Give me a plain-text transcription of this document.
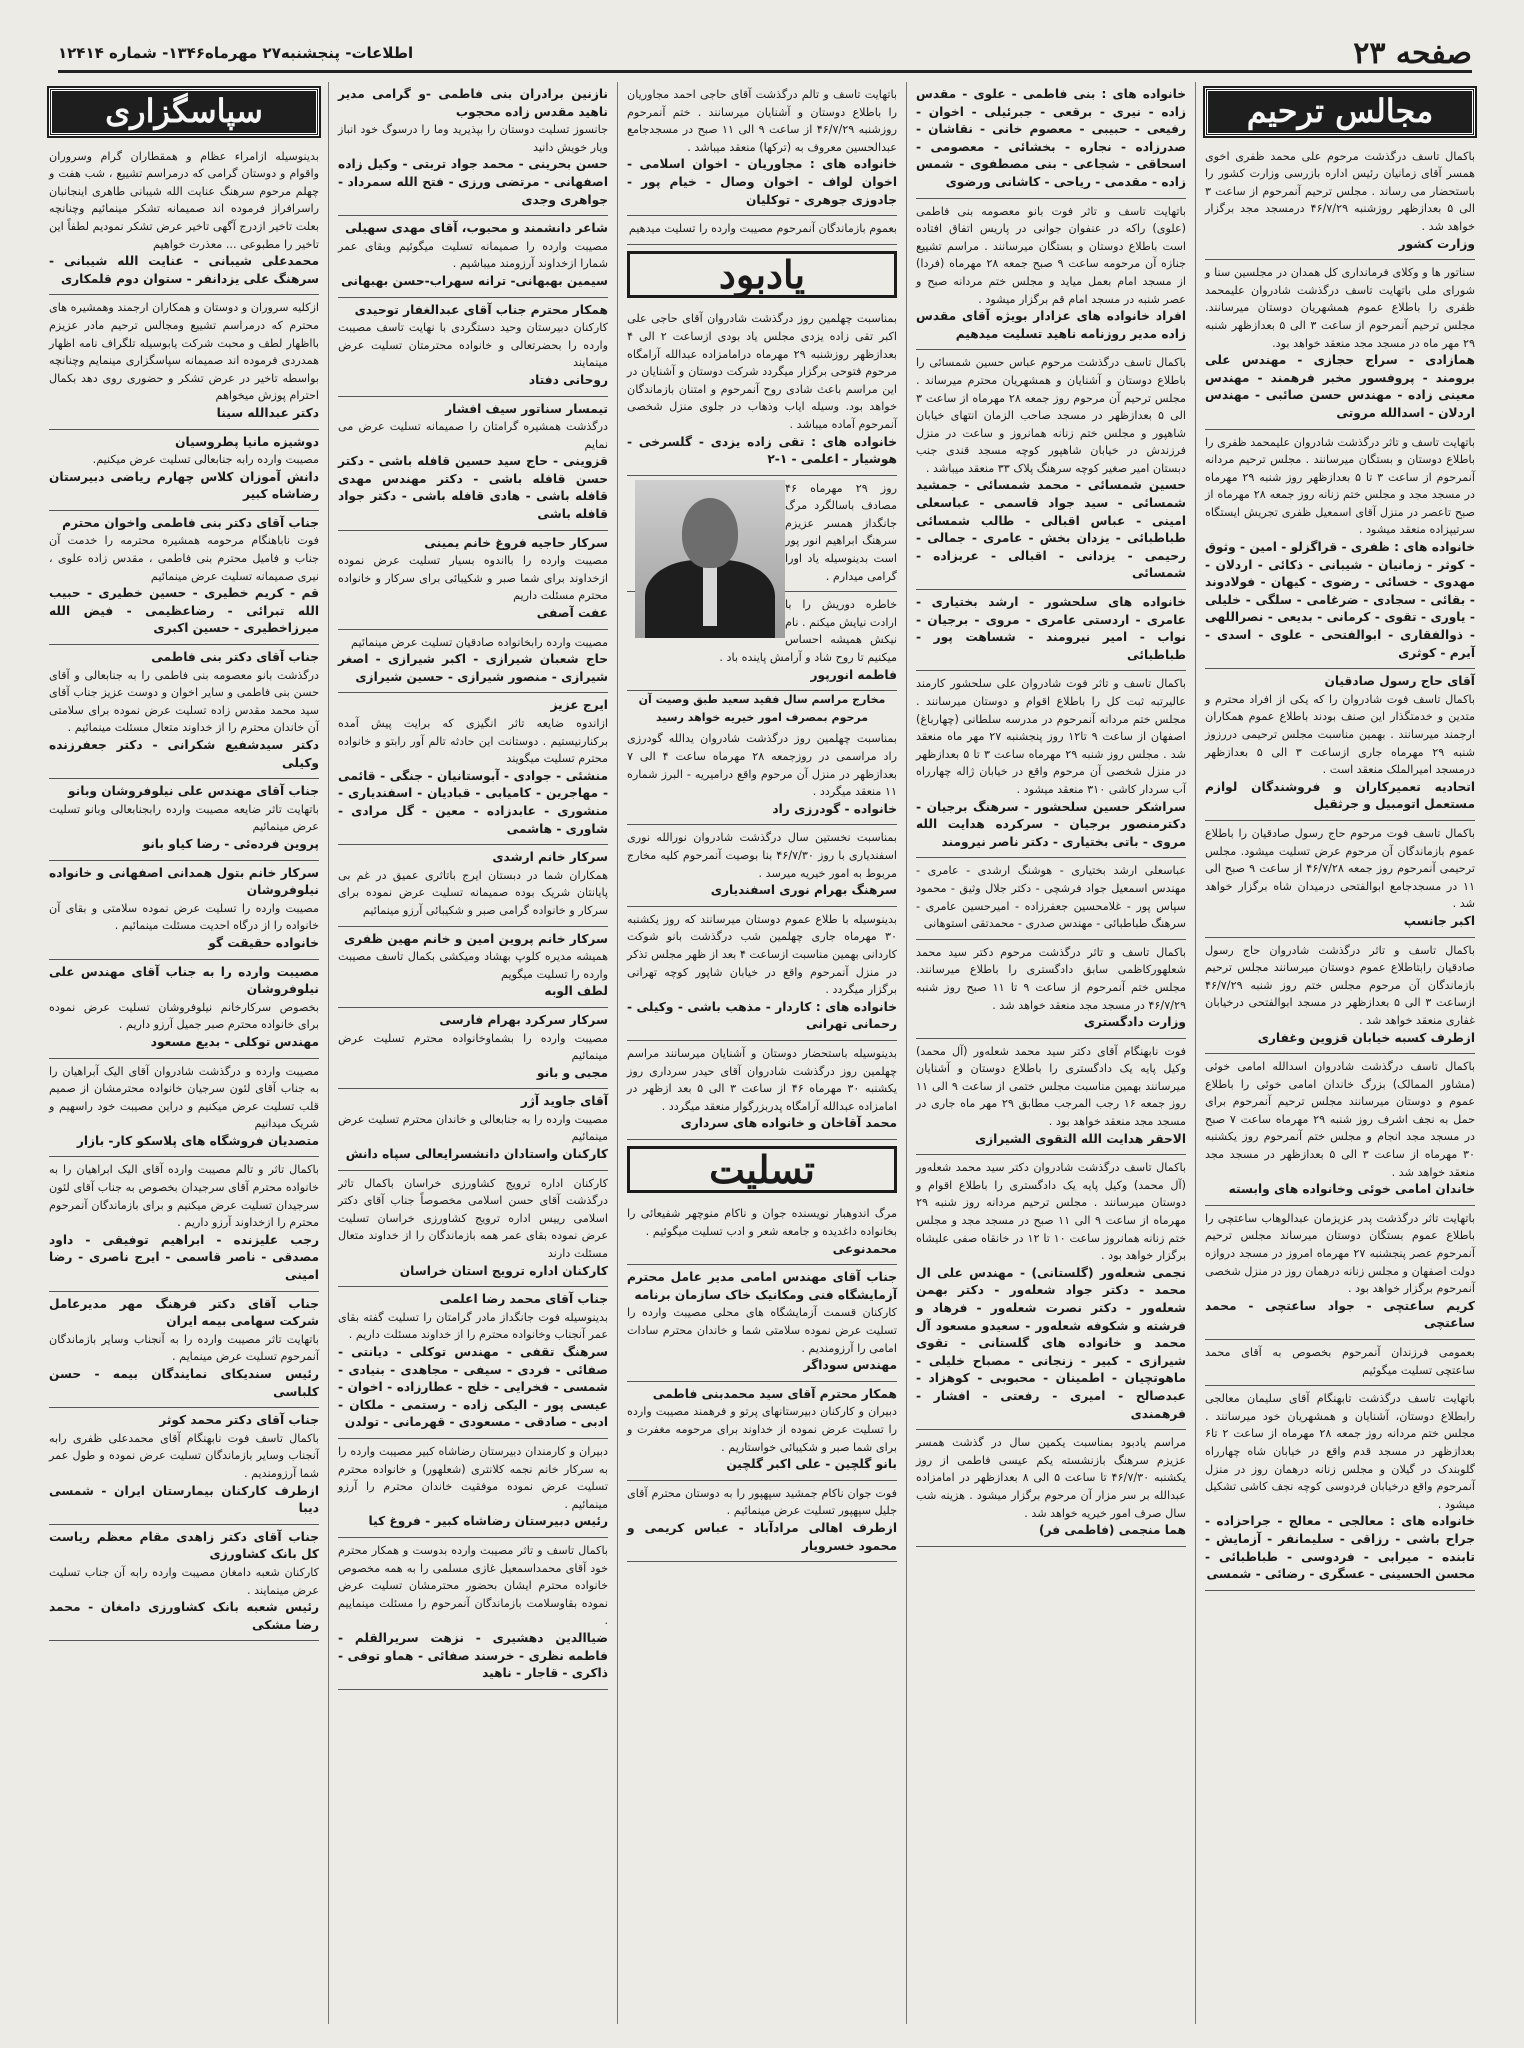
صفحه ۲۳
اطلاعات- پنجشنبه۲۷ مهرماه۱۳۴۶- شماره ۱۲۴۱۴
مجالس ترحیم
باکمال تاسف درگذشت مرحوم علی محمد ظفری اخوی همسر آقای زمانیان رئیس اداره بازرسی وزارت کشور را باستحضار می رساند . مجلس ترحیم آنمرحوم از ساعت ۳ الی ۵ بعدازظهر روزشنبه ۴۶/۷/۲۹ درمسجد مجد برگزار خواهد شد .
وزارت کشور
سناتور ها و وکلای فرمانداری کل همدان در مجلسین سنا و شورای ملی باتهایت تاسف درگذشت شادروان علیمحمد ظفری را باطلاع عموم همشهریان دوستان میرسانند. مجلس ترحیم آنمرحوم از ساعت ۳ الی ۵ بعدازظهر شنبه ۲۹ مهر ماه در مسجد مجد منعقد خواهد بود.
همازادی - سراج حجازی - مهندس علی برومند - پروفسور مخبر فرهمند - مهندس معینی زاده - مهندس حسن صائبی - مهندس اردلان - اسدالله مروتی
باتهایت تاسف و تاثر درگذشت شادروان علیمحمد ظفری را باطلاع دوستان و بستگان میرسانند . مجلس ترحیم مردانه آنمرحوم از ساعت ۳ تا ۵ بعدازظهر روز شنبه ۲۹ مهرماه در مسجد مجد و مجلس ختم زنانه روز جمعه ۲۸ مهرماه از صبح تاعصر در منزل آقای اسمعیل ظفری تجریش ایستگاه سرتیپزاده منعقد میشود .
خانواده های : ظفری - قراگزلو - امین - وثوق - کوثر - زمانیان - شیبانی - ذکائی - اردلان - مهدوی - خسائی - رضوی - کیهان - فولادوند - بقائی - سجادی - ضرغامی - سلگی - خلیلی - یاوری - تقوی - کرمانی - بدیعی - نصراللهی - ذوالفقاری - ابوالفتحی - علوی - اسدی - آیرم - کوثری
آقای حاج رسول صادقیان
باکمال تاسف فوت شادروان را که یکی از افراد محترم و متدین و خدمتگذار این صنف بودند باطلاع عموم همکاران ارجمند میرسانند . بهمین مناسبت مجلس ترحیمی دررزوز شنبه ۲۹ مهرماه جاری ازساعت ۳ الی ۵ بعدازظهر درمسجد امیرالملک منعقد است .
اتحادیه تعمیرکاران و فروشندگان لوازم مستعمل اتومبیل و جرثقیل
باکمال تاسف فوت مرحوم حاج رسول صادقیان را باطلاع عموم بازماندگان آن مرحوم عرض تسلیت میشود. مجلس ترحیمی آنمرحوم روز جمعه ۴۶/۷/۲۸ از ساعت ۹ صبح الی ۱۱ در مسجدجامع ابوالفتحی درمیدان شاه برگزار خواهد شد .
اکبر جانسپ
باکمال تاسف و تاثر درگذشت شادروان حاج رسول صادقیان رابتاطلاع عموم دوستان میرسانند مجلس ترحیم بازماندگان آن مرحوم مجلس ختم روز شنبه ۴۶/۷/۲۹ ازساعت ۳ الی ۵ بعدازظهر در مسجد ابوالفتحی درخیابان غفاری منعقد خواهد شد .
ازطرف کسبه خیابان قزوین وغفاری
باکمال تاسف درگذشت شادروان اسدالله امامی خوئی (مشاور الممالک) بزرگ خاندان امامی خوئی را باطلاع عموم و دوستان میرسانند مجلس ترحیم آنمرحوم برای حمل به نجف اشرف روز شنبه ۲۹ مهرماه ساعت ۷ صبح در مسجد مجد انجام و مجلس ختم آنمرحوم روز یکشنبه ۳۰ مهرماه از ساعت ۳ الی ۵ بعدازظهر در مسجد مجد منعقد خواهد شد .
خاندان امامی خوئی وخانواده های وابسته
باتهایت تاثر درگذشت پدر عزیزمان عبدالوهاب ساعتچی را باطلاع عموم بستگان دوستان میرساند مجلس ترحیم آنمرحوم عصر پنجشنبه ۲۷ مهرماه امروز در مسجد دروازه دولت اصفهان و مجلس زنانه درهمان روز در منزل شخصی آنمرحوم برگزار خواهد بود .
کریم ساعتچی - جواد ساعتچی - محمد ساعتچی
بعمومی فرزندان آنمرحوم بخصوص به آقای محمد ساعتچی تسلیت میگوئیم
باتهایت تاسف درگذشت تابهنگام آقای سلیمان معالجی رابطلاع دوستان، آشنایان و همشهریان خود میرسانند . مجلس ختم مردانه روز جمعه ۲۸ مهرماه از ساعت ۲ تا۶ بعدازظهر در مسجد قدم واقع در خیابان شاه چهارراه گلوبندک در گیلان و مجلس زنانه درهمان روز در منزل آنمرحوم واقع درخیابان فردوسی کوچه نجف کاشی تشکیل میشود .
خانواده های : معالجی - معالج - جراحزاده - جراح باشی - رزاقی - سلیمانفر - آزمایش - تابنده - میرابی - فردوسی - طباطبائی - محسن الحسینی - عسگری - رضائی - شمسی
خانواده های : بنی فاطمی - علوی - مقدس زاده - نیری - برقعی - جبرئیلی - اخوان - رفیعی - حبیبی - معصوم خانی - نقاشان - صدرزاده - نجاره - بخشائی - معصومی - اسحاقی - شجاعی - بنی مصطفوی - شمس زاده - مقدمی - ریاحی - کاشانی ورضوی
باتهایت تاسف و تاثر فوت بانو معصومه بنی فاطمی (علوی) راکه در عنفوان جوانی در پاریس اتفاق افتاده است باطلاع دوستان و بستگان میرسانند . مراسم تشییع جنازه آن مرحومه ساعت ۹ صبح جمعه ۲۸ مهرماه (فردا) از مسجد امام بعمل میاید و مجلس ختم مردانه صبح و عصر شنبه در مسجد امام قم برگزار میشود .
افراد خانواده های عزادار بویژه آقای مقدس زاده مدیر روزنامه ناهید تسلیت میدهیم
باکمال تاسف درگذشت مرحوم عباس حسین شمسائی را باطلاع دوستان و آشنایان و همشهریان محترم میرساند . مجلس ترحیم آن مرحوم روز جمعه ۲۸ مهرماه از ساعت ۳ الی ۵ بعدازظهر در مسجد صاحب الزمان انتهای خیابان شاهپور و مجلس ختم زنانه همانروز و ساعت در منزل فرزندش در خیابان شاهپور کوچه مسجد قندی جنب دبستان امیر صغیر کوچه سرهنگ پلاک ۳۳ منعقد میباشد .
حسین شمسائی - محمد شمسائی - جمشید شمسائی - سید جواد قاسمی - عباسعلی امینی - عباس اقبالی - طالب شمسائی طباطبائی - یزدان بخش - عامری - جمالی - رحیمی - یزدانی - اقبالی - عربزاده - شمسائی
خانواده های سلحشور - ارشد بختیاری - عامری - اردستی عامری - مروی - برجیان - نواب - امیر نیرومند - شساهت پور - طباطبائی
باکمال تاسف و تاثر فوت شادروان علی سلحشور کارمند عالیرتبه ثبت کل را باطلاع اقوام و دوستان میرسانند . مجلس ختم مردانه آنمرحوم در مدرسه سلطانی (چهارباغ) اصفهان از ساعت ۹ تا۱۲ روز پنجشنبه ۲۷ مهر ماه منعقد شد . مجلس روز شنبه ۲۹ مهرماه ساعت ۳ تا ۵ بعدازظهر در منزل شخصی آن مرحوم واقع در خیابان ژاله چهارراه آب سردار کاشی ۳۱۰ منعقد میشود .
سراشکر حسین سلحشور - سرهنگ برجیان - دکترمنصور برجیان - سرکرده هدایت الله مروی - باتی بختیاری - دکتر ناصر نیرومند
عباسعلی ارشد بختیاری - هوشنگ ارشدی - عامری - مهندس اسمعیل جواد فرشچی - دکتر جلال وثیق - محمود سپاس پور - غلامحسین جعفرزاده - امیرحسین عامری - سرهنگ طباطبائی - مهندس صدری - محمدتقی استوهانی
باکمال تاسف و تاثر درگذشت مرحوم دکتر سید محمد شعلهوركاظمی سابق دادگستری را باطلاع میرسانند. مجلس ختم آنمرحوم از ساعت ۹ تا ۱۱ صبح روز شنبه ۴۶/۷/۲۹ در مسجد مجد منعقد خواهد شد .
وزارت دادگستری
فوت نابهنگام آقای دکتر سید محمد شعله‌ور (آل محمد) وکیل پایه یک دادگستری را باطلاع دوستان و آشنایان میرسانند بهمین مناسبت مجلس ختمی از ساعت ۹ الی ۱۱ روز جمعه ۱۶ رجب المرجب مطابق ۲۹ مهر ماه جاری در مسجد مجد منعقد خواهد بود .
الاحقر هدایت الله التقوی الشیرازی
باکمال تاسف درگذشت شادروان دکتر سید محمد شعله‌ور (آل محمد) وکیل پایه یک دادگستری را باطلاع اقوام و دوستان میرسانند . مجلس ترحیم مردانه روز شنبه ۲۹ مهرماه از ساعت ۹ الی ۱۱ صبح در مسجد مجد و مجلس ختم زنانه همانروز ساعت ۱۰ تا ۱۲ در خانقاه صفی علیشاه برگزار خواهد بود .
نجمی شعله‌ور (گلستانی) - مهندس علی ال محمد - دکتر جواد شعله‌ور - دکتر بهمن شعله‌ور - دکتر نصرت شعله‌ور - فرهاد و فرشته و شکوفه شعله‌ور - سعیدو مسعود آل محمد و خانواده های گلستانی - تقوی شیرازی - کبیر - زنجانی - مصباح خلیلی - ماهوتچیان - اطمینان - محبوبی - کوهزاد - عبدصالح - امیری - رفعتی - افشار - فرهمندی
مراسم یادبود بمناسبت یکمین سال در گذشت همسر عزیزم سرهنگ بازنشسته یکم عیسی فاطمی از روز یکشنبه ۴۶/۷/۳۰ تا ساعت ۵ الی ۸ بعدازظهر در امامزاده عبدالله بر سر مزار آن مرحوم برگزار میشود . هزینه شب سال صرف امور خیریه خواهد شد .
هما منجمی (فاطمی فر)
باتهایت تاسف و تالم درگذشت آقای حاجی احمد مجاوریان را باطلاع دوستان و آشنایان میرسانند . ختم آنمرحوم روزشنبه ۴۶/۷/۲۹ از ساعت ۹ الی ۱۱ صبح در مسجدجامع عبدالحسین معروف به (ترکها) منعقد میباشد .
خانواده های : مجاوریان - اخوان اسلامی - اخوان لواف - اخوان وصال - خیام پور - جادوزی جوهری - توکلیان
بعموم بازماندگان آنمرحوم مصیبت وارده را تسلیت میدهیم
یادبود
بمناسبت چهلمین روز درگذشت شادروان آقای حاجی علی اکبر تقی زاده یزدی مجلس یاد بودی ازساعت ۲ الی ۴ بعدازظهر روزشنبه ۲۹ مهرماه درامامزاده عبدالله آرامگاه مرحوم فتوحی برگزار میگردد شرکت دوستان و آشنایان در این مراسم باعث شادی روح آنمرحوم و امتنان بازماندگان خواهد بود. وسیله ایاب وذهاب در جلوی منزل شخصی آنمرحوم آماده میباشد .
خانواده های : تقی زاده یزدی - گلسرخی - هوشیار - اعلمی - ۱-۲
روز ۲۹ مهرماه ۴۶ مصادف باسالگرد مرگ جانگداز همسر عزیزم سرهنگ ابراهیم انور پور است بدینوسیله یاد اورا گرامی میدارم .
خاطره دوریش را با ارادت نیایش میکنم . نام نیکش همیشه احساس میکنیم تا روح شاد و آرامش پاینده باد .
فاطمه انورپور
مخارج مراسم سال فقید سعید طبق وصیت آن مرحوم بمصرف امور خیریه خواهد رسید
بمناسبت چهلمین روز درگذشت شادروان یدالله گودرزی راد مراسمی در روزجمعه ۲۸ مهرماه ساعت ۴ الی ۷ بعدازظهر در منزل آن مرحوم واقع درامیریه - البرز شماره ۱۱ منعقد میگردد .
خانواده - گودرزی راد
بمناسبت نخستین سال درگذشت شادروان نورالله نوری اسفندیاری با روز ۴۶/۷/۳۰ بنا بوصیت آنمرحوم کلیه مخارج مربوط به امور خیریه میرسد .
سرهنگ بهرام نوری اسفندیاری
بدینوسیله با طلاع عموم دوستان میرسانند که روز یکشنبه ۳۰ مهرماه جاری چهلمین شب درگذشت بانو شوکت کاردانی بهمین مناسبت ازساعت ۴ بعد از ظهر مجلس تذکر در منزل آنمرحوم واقع در خیابان شاپور کوچه تهرانی برگزار میگردد .
خانواده های : کاردار - مذهب باشی - وکیلی - رحمانی تهرانی
بدینوسیله باستحضار دوستان و آشنایان میرسانند مراسم چهلمین روز درگذشت شادروان آقای حیدر سرداری روز یکشنبه ۳۰ مهرماه ۴۶ از ساعت ۳ الی ۵ بعد ازظهر در امامزاده عبدالله آرامگاه پدربزرگوار منعقد میگردد .
محمد آقاخان و خانواده های سرداری
تسلیت
مرگ اندوهبار نویسنده جوان و ناکام منوچهر شفیعائی را بخانواده داغدیده و جامعه شعر و ادب تسلیت میگوئیم .
محمدنوعی
جناب آقای مهندس امامی مدیر عامل محترم آزمایشگاه فنی ومکانیک خاک سازمان برنامه
کارکنان قسمت آزمایشگاه های محلی مصیبت وارده را تسلیت عرض نموده سلامتی شما و خاندان محترم سادات امامی را آرزومندیم .
مهندس سوداگر
همکار محترم آقای سید محمدبنی فاطمی
دبیران و کارکنان دبیرستانهای پرتو و فرهمند مصیبت وارده را تسلیت عرض نموده از خداوند برای مرحومه مغفرت و برای شما صبر و شکیبائی خواستاریم .
بانو گلچین - علی اکبر گلچین
فوت جوان ناکام جمشید سپهپور را به دوستان محترم آقای جلیل سپهپور تسلیت عرض مینمائیم .
ازطرف اهالی مرادآباد - عباس کریمی و محمود خسرویار
نازنین برادران بنی فاطمی -و گرامی مدیر ناهید مقدس زاده محجوب
جانسوز تسلیت دوستان را بپذیرید وما را درسوگ خود انباز ویار خویش دانید
حسن بحرینی - محمد جواد تربتی - وکیل زاده اصفهانی - مرتضی ورزی - فتح الله سمرداد - جواهری وجدی
شاعر دانشمند و محبوب، آقای مهدی سهیلی
مصیبت وارده را صمیمانه تسلیت میگوئیم وبقای عمر شمارا ازخداوند آرزومند میباشیم .
سیمین بهبهانی- ترانه سهراب-حسن بهبهانی
همکار محترم جناب آقای عبدالغفار توحیدی
کارکنان دبیرستان وحید دستگردی با نهایت تاسف مصیبت وارده را بحضرتعالی و خانواده محترمتان تسلیت عرض مینمایند
روحانی دفتاد
تیمسار سناتور سیف افشار
درگذشت همشیره گرامتان را صمیمانه تسلیت عرض می نمایم
قزوینی - حاج سید حسین قافله باشی - دکتر حسن قافله باشی - دکتر مهندس مهدی قافله باشی - هادی قافله باشی - دکتر جواد قافله باشی
سرکار حاجیه فروغ خانم یمینی
مصیبت وارده را بااندوه بسیار تسلیت عرض نموده ازخداوند برای شما صبر و شکیبائی برای سرکار و خانواده محترم مسئلت داریم
عفت آصفی
مصیبت وارده رابخانواده صادقیان تسلیت عرض مینمائیم
حاج شعبان شیرازی - اکبر شیرازی - اصغر شیرازی - منصور شیرازی - حسین شیرازی
ایرج عزیز
ازاندوه ضایعه تاثر انگیزی که برایت پیش آمده برکنارنیستیم . دوستانت این حادثه تالم آور رابتو و خانواده محترم تسلیت میگویند
منشئی - جوادی - آبوستانیان - جنگی - قائمی - مهاجرین - کامیابی - قبادیان - اسفندیاری - منشوری - عابدزاده - معین - گل مرادی - شاوری - هاشمی
سرکار خانم ارشدی
همکاران شما در دبستان ایرج باتاثری عمیق در غم بی پایانتان شریک بوده صمیمانه تسلیت عرض نموده برای سرکار و خانواده گرامی صبر و شکیبائی آرزو مینمائیم
سرکار خانم پروین امین و خانم مهین ظفری
همیشه مدیره کلوپ بهشاد ومیکشی بکمال تاسف مصیبت وارده را تسلیت میگویم
لطف الوبه
سرکار سرکرد بهرام فارسی
مصیبت وارده را بشماوخانواده محترم تسلیت عرض مینمائیم
مجبی و بانو
آقای جاوید آژر
مصیبت وارده را به جنابعالی و خاندان محترم تسلیت عرض مینمائیم
کارکنان واستادان دانشسرایعالی سپاه دانش
کارکنان اداره ترویج کشاورزی خراسان باکمال تاثر درگذشت آقای حسن اسلامی مخصوصاً جناب آقای دکتر اسلامی رییس اداره ترویج کشاورزی خراسان تسلیت عرض نموده بقای عمر همه بازماندگان را از خداوند متعال مسئلت دارند
کارکنان اداره ترویج استان خراسان
جناب آقای محمد رضا اعلمی
بدینوسیله فوت جانگداز مادر گرامتان را تسلیت گفته بقای عمر آنجناب وخانواده محترم را از خداوند مسئلت داریم .
سرهنگ تقفی - مهندس توکلی - دیانتی - صفائی - فردی - سیفی - مجاهدی - بنیادی - شمسی - فخرایی - خلج - عطارزاده - اخوان - عیسی پور - الیکی زاده - رستمی - ملکان - ادبی - صادقی - مسعودی - قهرمانی - تولدن
دبیران و کارمندان دبیرستان رضاشاه کبیر مصیبت وارده را به سرکار خانم نجمه کلانتری (شعلهور) و خانواده محترم تسلیت عرض نموده موفقیت خاندان محترم را آرزو مینمائیم .
رئیس دبیرستان رضاشاه کبیر - فروغ کیا
باکمال تاسف و تاثر مصیبت وارده بدوست و همکار محترم خود آقای محمداسمعیل غازی مسلمی را به همه مخصوص خانواده محترم ایشان بحضور محترمشان تسلیت عرض نموده بقاوسلامت بازماندگان آنمرحوم را مسئلت مینماییم .
ضیاالدین دهشیری - نزهت سریرالقلم - فاطمه نظری - خرسند صفائی - هماو توفی - ذاکری - قاجار - ناهید
سپاسگزاری
بدینوسیله ازامراء عظام و همقطاران گرام وسروران واقوام و دوستان گرامی که درمراسم تشییع ، شب هفت و چهلم مرحوم سرهنگ عنایت الله شیبانی طاهری اینجانبان راسرافراز فرموده اند صمیمانه تشکر مینمائیم وچنانچه بعلت تاخیر ازدرج آگهی تاخیر عرض تشکر نمودیم لطفاً این تاخیر را مطبوعی ... معذرت خواهیم
محمدعلی شیبانی - عنایت الله شیبانی - سرهنگ علی یزدانفر - ستوان دوم قلمکاری
ازکلیه سروران و دوستان و همکاران ارجمند وهمشیره های محترم که درمراسم تشییع ومجالس ترحیم مادر عزیزم بااظهار لطف و محبت شرکت یابوسیله تلگراف نامه اظهار همدردی فرموده اند صمیمانه سپاسگزاری مینمایم وچنانچه بواسطه تاخیر در عرض تشکر و حضوری روی دهد بکمال احترام پوزش میخواهم
دکتر عبدالله سینا
دوشیزه مانیا پطروسیان
مصیبت وارده رابه جنابعالی تسلیت عرض میکنیم.
دانش آموزان کلاس چهارم ریاضی دبیرستان رضاشاه کبیر
جناب آقای دکتر بنی فاطمی واخوان محترم
فوت ناباهنگام مرحومه همشیره محترمه را خدمت آن جناب و فامیل محترم بنی فاطمی ، مقدس زاده علوی ، نیری صمیمانه تسلیت عرض مینمائیم
قم - کریم خطیری - حسین خطیری - حبیب الله تبرائی - رضاعظیمی - فیض الله میرزاخطیری - حسین اکبری
جناب آقای دکتر بنی فاطمی
درگذشت بانو معصومه بنی فاطمی را به جنابعالی و آقای حسن بنی فاطمی و سایر اخوان و دوست عزیز جناب آقای سید محمد مقدس زاده تسلیت عرض نموده برای سلامتی آن خاندان محترم را از خداوند متعال مسئلت مینمائیم .
دکتر سیدشفیع شکرانی - دکتر جعفرزنده وکیلی
جناب آقای مهندس علی نیلوفروشان وبانو
باتهایت تاثر ضایعه مصیبت وارده رابجنابعالی وبانو تسلیت عرض مینمائیم
پروین فرده‌ئی - رضا کیاو بانو
سرکار خانم بتول همدانی اصفهانی و خانواده نیلوفروشان
مصیبت وارده را تسلیت عرض نموده سلامتی و بقای آن خانواده را از درگاه احدیت مسئلت مینمائیم .
خانواده حقیقت گو
مصیبت وارده را به جناب آقای مهندس علی نیلوفروشان
بخصوص سرکارخانم نیلوفروشان تسلیت عرض نموده برای خانواده محترم صبر جمیل آرزو داریم .
مهندس توکلی - بدیع مسعود
مصیبت وارده و درگذشت شادروان آقای الیک آبراهیان را به جناب آقای لئون سرجیان خانواده محترمشان از صمیم قلب تسلیت عرض میکنیم و دراین مصیبت خود راسهیم و شریک میدانیم
متصدیان فروشگاه های پلاسکو کار- بازار
باکمال تاثر و تالم مصیبت وارده آقای الیک ابراهیان را به خانواده محترم آقای سرجیدان بخصوص به جناب آقای لئون سرجیدان تسلیت عرض میکنیم و برای بازماندگان آنمرحوم محترم را ازخداوند آرزو داریم .
رجب علیزنده - ابراهیم توفیقی - داود مصدقی - ناصر قاسمی - ایرج ناصری - رضا امینی
جناب آقای دکتر فرهنگ مهر مدیرعامل شرکت سهامی بیمه ایران
باتهایت تاثر مصیبت وارده را به آنجناب وسایر بازماندگان آنمرحوم تسلیت عرض مینمایم .
رئیس سندیکای نمایندگان بیمه - حسن کلباسی
جناب آقای دکتر محمد کوثر
باکمال تاسف فوت نابهنگام آقای محمدعلی ظفری رابه آنجناب وسایر بازماندگان تسلیت عرض نموده و طول عمر شما آرزومندیم .
ازطرف کارکنان بیمارستان ایران - شمسی دیبا
جناب آقای دکتر زاهدی مقام معظم ریاست کل بانک کشاورزی
کارکنان شعبه دامغان مصیبت وارده رابه آن جناب تسلیت عرض مینمایند .
رئیس شعبه بانک کشاورزی دامغان - محمد رضا مشکی
